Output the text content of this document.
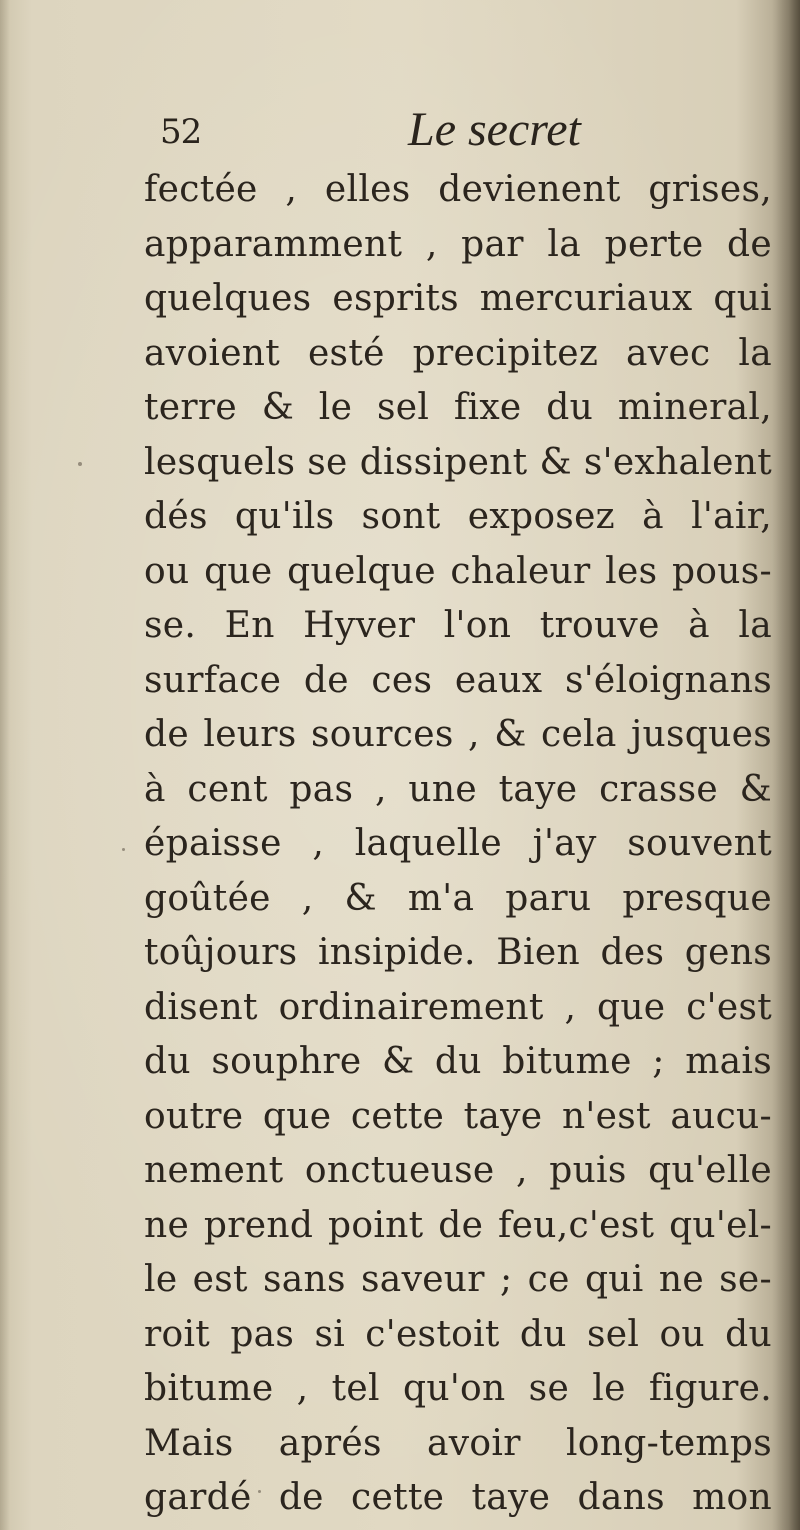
52	Le secret
fectée , elles devienent grises,
apparamment , par la perte de
quelques esprits mercuriaux qui
avoient esté precipitez avec la
terre & le sel fixe du mineral,
lesquels se dissipent & s'exhalent
dés qu'ils sont exposez à l'air,
ou que quelque chaleur les pous-
se. En Hyver l'on trouve à la
surface de ces eaux s'éloignans
de leurs sources , & cela jusques
à cent pas , une taye crasse &
épaisse , laquelle j'ay souvent
goûtée , & m'a paru presque
toûjours insipide. Bien des gens
disent ordinairement , que c'est
du souphre & du bitume ; mais
outre que cette taye n'est aucu-
nement onctueuse , puis qu'elle
ne prend point de feu,c'est qu'el-
le est sans saveur ; ce qui ne se-
roit pas si c'estoit du sel ou du
bitume , tel qu'on se le figure.
Mais aprés avoir long-temps
gardé de cette taye dans mon
